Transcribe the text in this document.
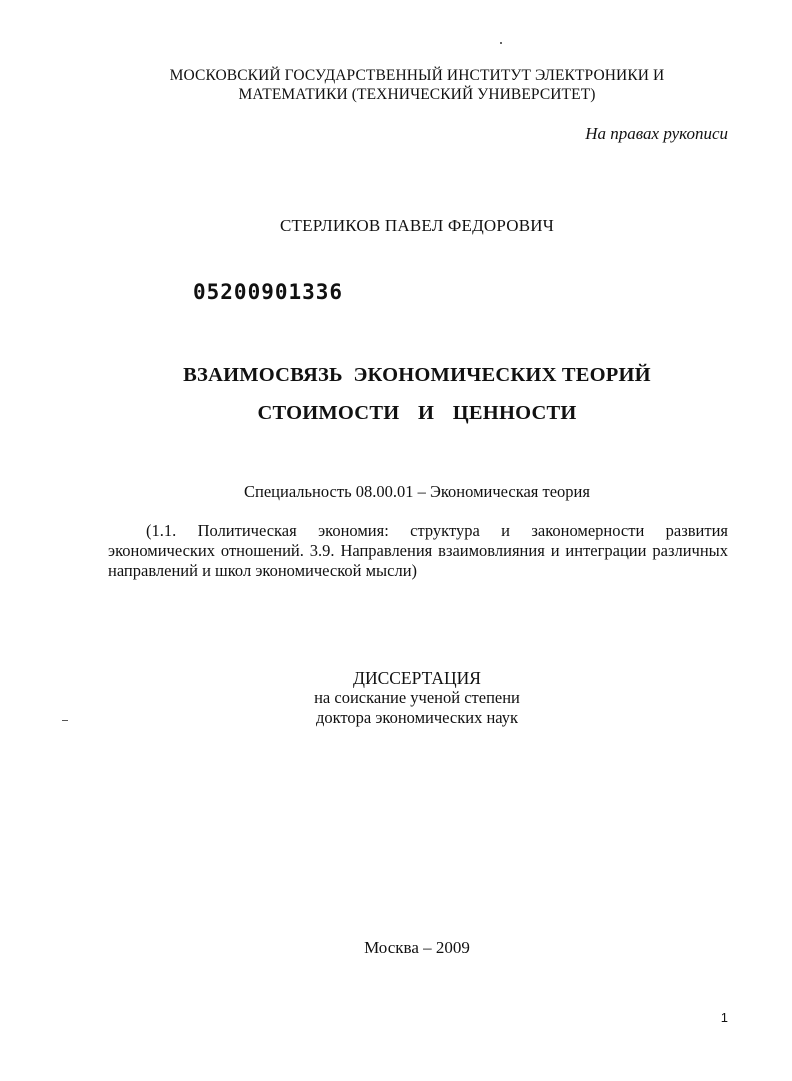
МОСКОВСКИЙ ГОСУДАРСТВЕННЫЙ ИНСТИТУТ ЭЛЕКТРОНИКИ И
МАТЕМАТИКИ (ТЕХНИЧЕСКИЙ УНИВЕРСИТЕТ)
На правах рукописи
СТЕРЛИКОВ ПАВЕЛ ФЕДОРОВИЧ
05200901336
ВЗАИМОСВЯЗЬ  ЭКОНОМИЧЕСКИХ ТЕОРИЙ
СТОИМОСТИ  И  ЦЕННОСТИ
Специальность 08.00.01 – Экономическая теория
(1.1. Политическая экономия: структура и закономерности развития экономических отношений. 3.9. Направления взаимовлияния и интеграции различных направлений и школ экономической мысли)
ДИССЕРТАЦИЯ
на соискание ученой степени
доктора экономических наук
Москва – 2009
1
